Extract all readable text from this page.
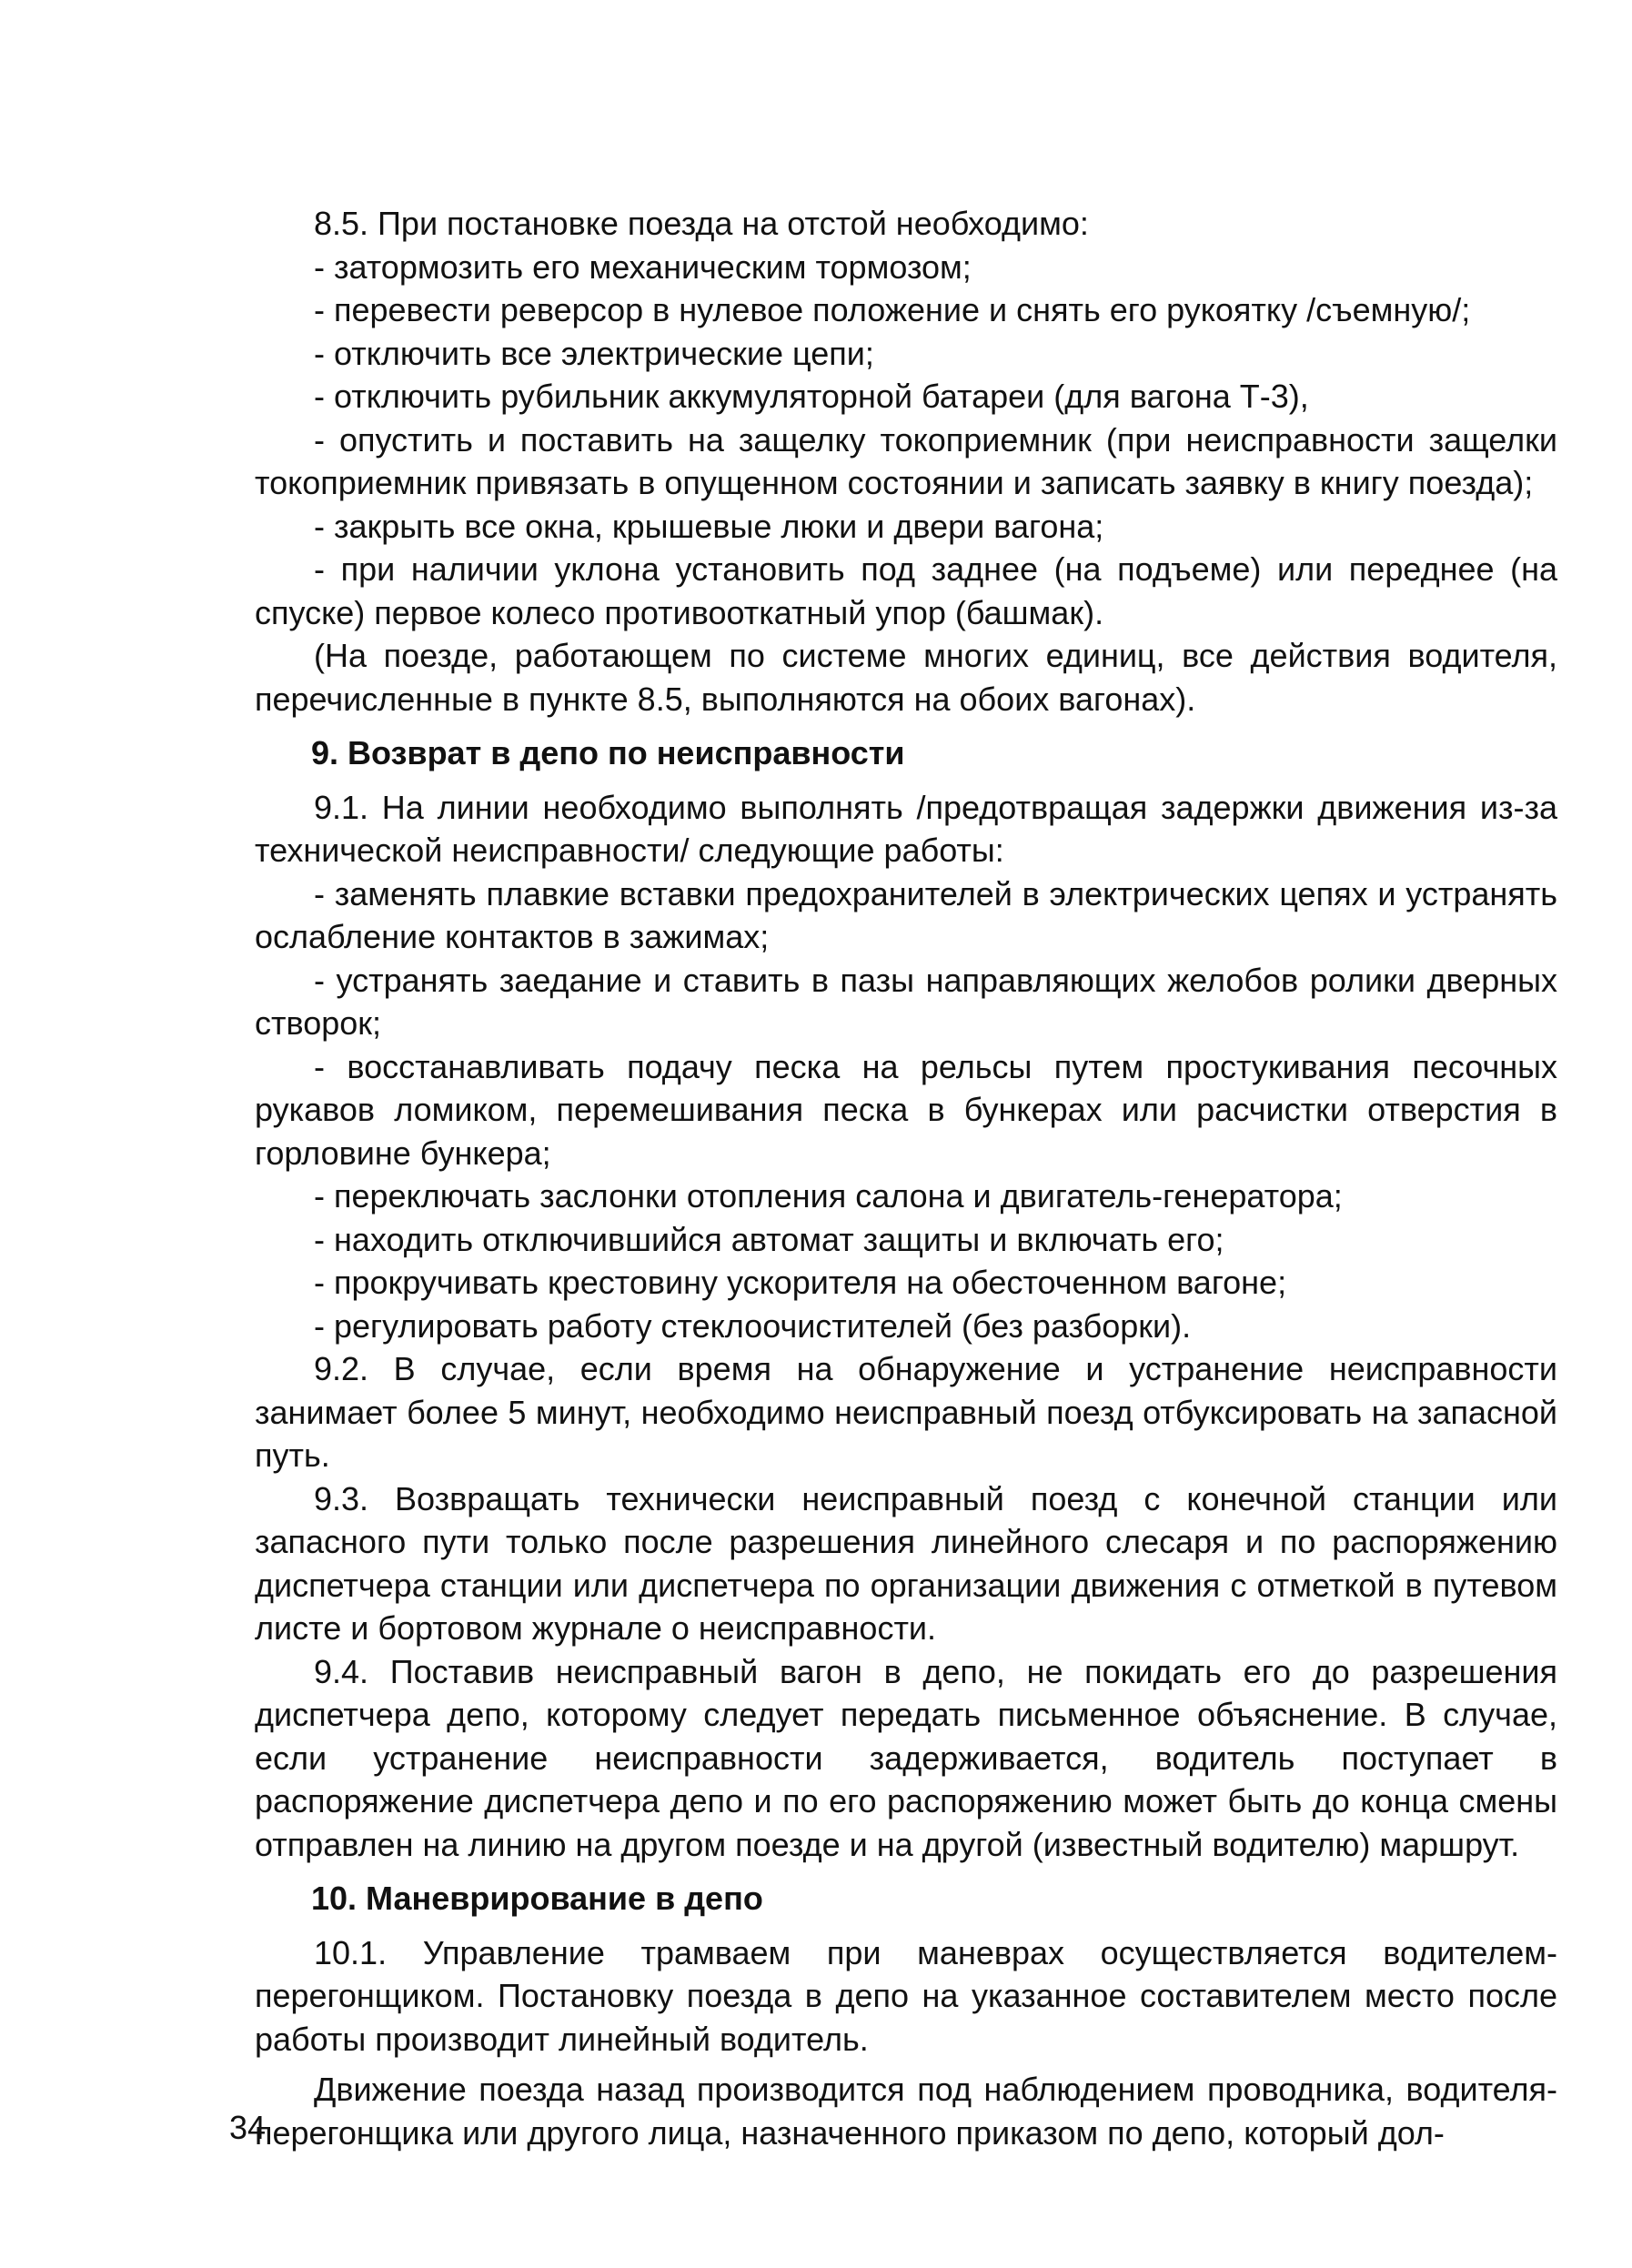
8.5. При постановке поезда на отстой необходимо:

- затормозить его механическим тормозом;

- перевести реверсор в нулевое положение и снять его рукоятку /съемную/;

- отключить все электрические цепи;

- отключить рубильник аккумуляторной батареи (для вагона Т-3),

- опустить и поставить на защелку токоприемник (при неисправности защелки токоприемник привязать в опущенном состоянии и записать заявку в книгу поезда);

- закрыть все окна, крышевые люки и двери вагона;

- при наличии уклона установить под заднее (на подъеме) или переднее (на спуске) первое колесо противооткатный упор (башмак).

(На поезде, работающем по системе многих единиц, все действия водителя, перечисленные в пункте 8.5, выполняются на обоих вагонах).

9. Возврат в депо по неисправности

9.1. На линии необходимо выполнять /предотвращая задержки движения из-за технической неисправности/ следующие работы:

- заменять плавкие вставки предохранителей в электрических цепях и устранять ослабление контактов в зажимах;

- устранять заедание и ставить в пазы направляющих желобов ролики дверных створок;

- восстанавливать подачу песка на рельсы путем простукивания песочных рукавов ломиком, перемешивания песка в бункерах или расчистки отверстия в горловине бункера;

- переключать заслонки отопления салона и двигатель-генератора;

- находить отключившийся автомат защиты и включать его;

- прокручивать крестовину ускорителя на обесточенном вагоне;

- регулировать работу стеклоочистителей (без разборки).

9.2. В случае, если время на обнаружение и устранение неисправности занимает более 5 минут, необходимо неисправный поезд отбуксировать на запасной путь.

9.3. Возвращать технически неисправный поезд с конечной станции или запасного пути только после разрешения линейного слесаря и по распоряжению диспетчера станции или диспетчера по организации движения с отметкой в путевом листе и бортовом журнале о неисправности.

9.4. Поставив неисправный вагон в депо, не покидать его до разрешения диспетчера депо, которому следует передать письменное объяснение. В случае, если устранение неисправности задерживается, водитель поступает в распоряжение диспетчера депо и по его распоряжению может быть до конца смены отправлен на линию на другом поезде и на другой (известный водителю) маршрут.

10. Маневрирование в депо

10.1. Управление трамваем при маневрах осуществляется водителем-перегонщиком. Постановку поезда в депо на указанное составителем место после работы производит линейный водитель.

Движение поезда назад производится под наблюдением проводника, водителя-перегонщика или другого лица, назначенного приказом по депо, который дол-

34
